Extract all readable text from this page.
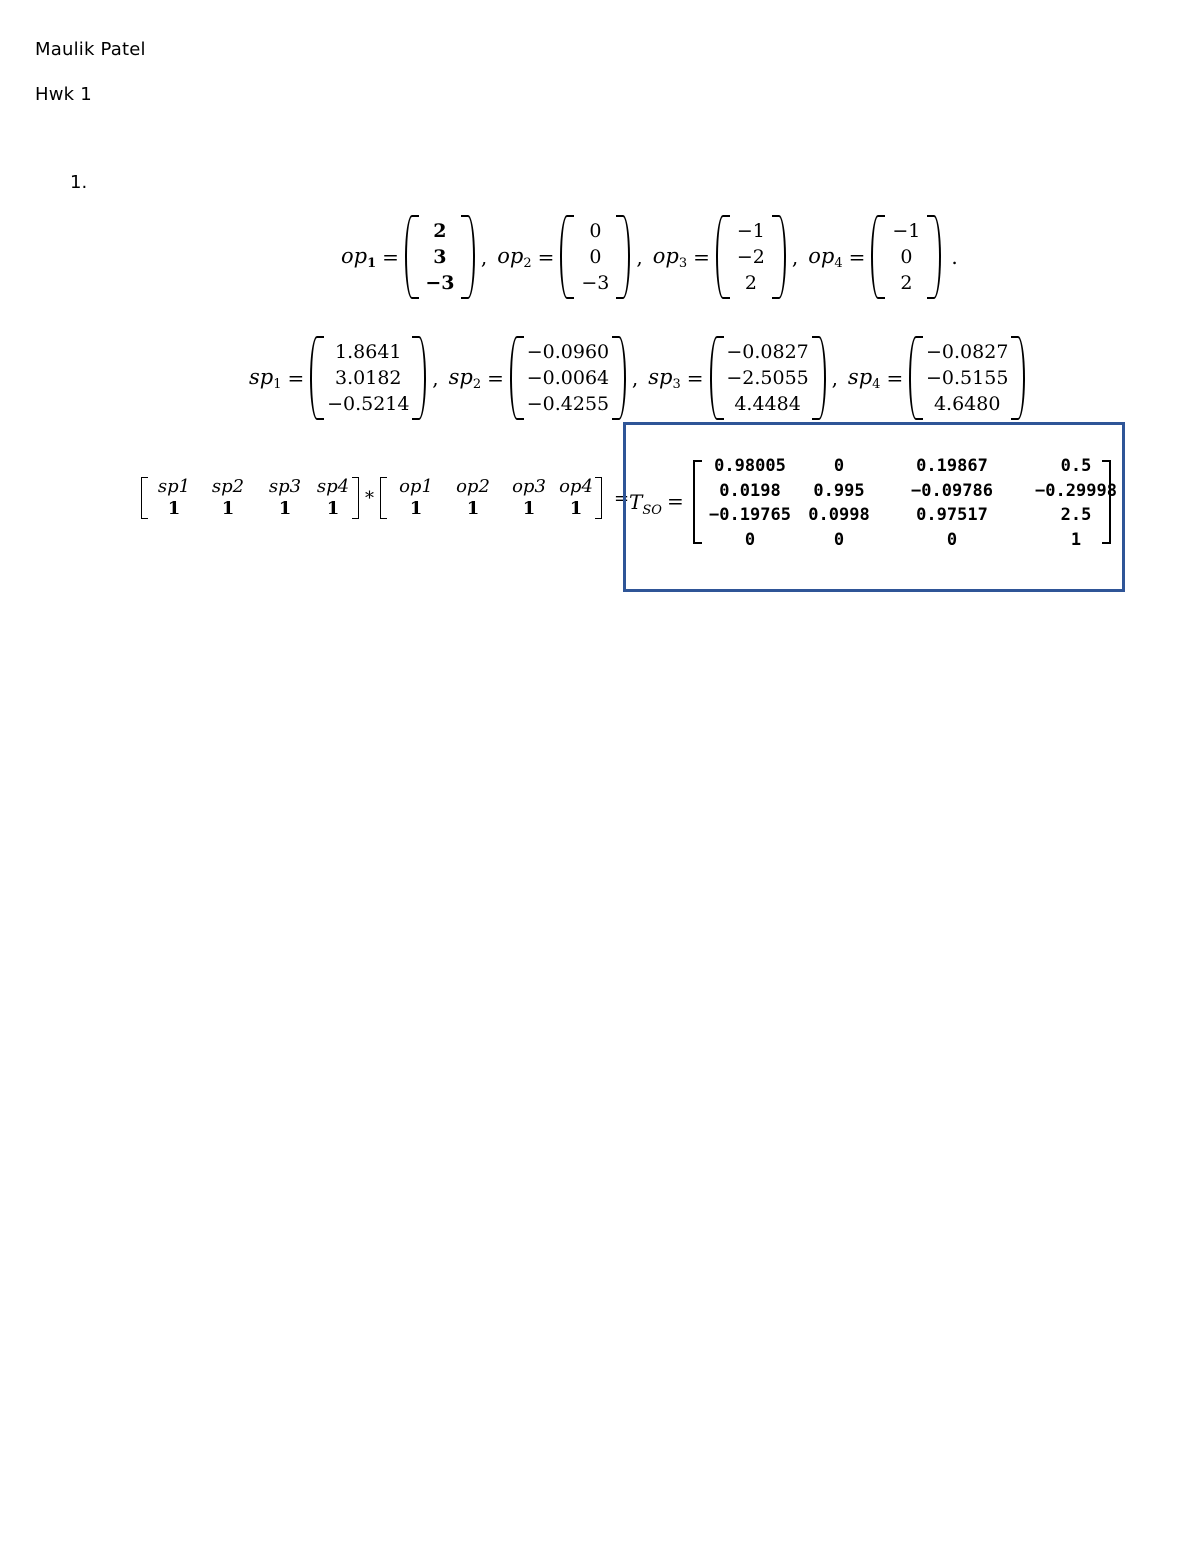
Maulik Patel
Hwk 1
1.
$op_1$ =
2
3
−3
, $op_2$ =
0
0
−3
, $op_3$ =
−1
−2
2
, $op_4$ =
−1
0
2
.
$sp_1$ =
1.8641
3.0182
−0.5214
, $sp_2$ =
−0.0960
−0.0064
−0.4255
, $sp_3$ =
−0.0827
−2.5055
4.4484
, $sp_4$ =
−0.0827
−0.5155
4.6480
sp1	sp2	sp3 sp4
1	1	1	1	*
op1	op2	op3 op4
1	1	1	1	= $T_{SO}$ =
0.98005	0	0.19867	0.5
0.0198	0.995	−0.09786	−0.29998
−0.19765	0.0998	0.97517	2.5
0	0	0	1
